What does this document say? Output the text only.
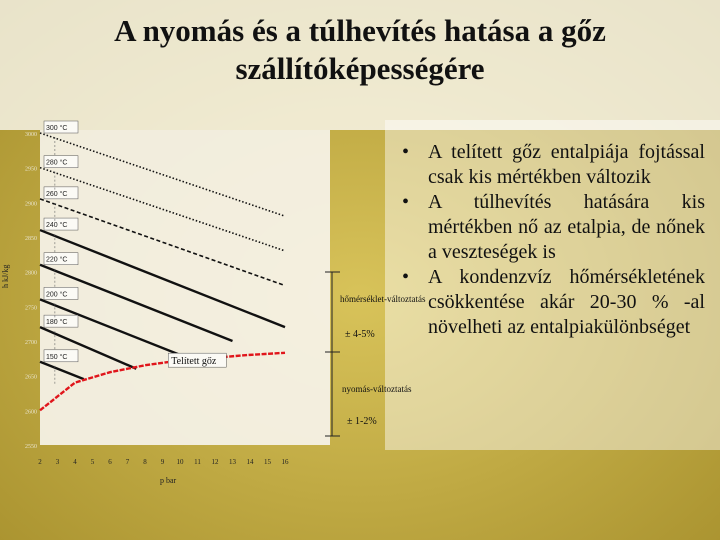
A nyomás és a túlhevítés hatása a gőz szállítóképességére
300 °C
280 °C
260 °C
240 °C
220 °C
200 °C
180 °C
150 °C	Telített gőz
2 3 4 5 6 7 8 9 10 11 12 13 14 15 16
3000
2950
2900
2850
2800
2750
2700
2650
2600
2550
p bar
h kJ/kg
hőmérséklet-változtatás
± 4-5%
nyomás-változtatás
± 1-2%
• A telített gőz entalpiája fojtással csak kis mértékben változik
• A túlhevítés hatására kis mértékben nő az etalpia, de nőnek a veszteségek is
• A kondenzvíz hőmérsékletének csökkentése akár 20-30 % -al növelheti az entalpiakülönbséget
